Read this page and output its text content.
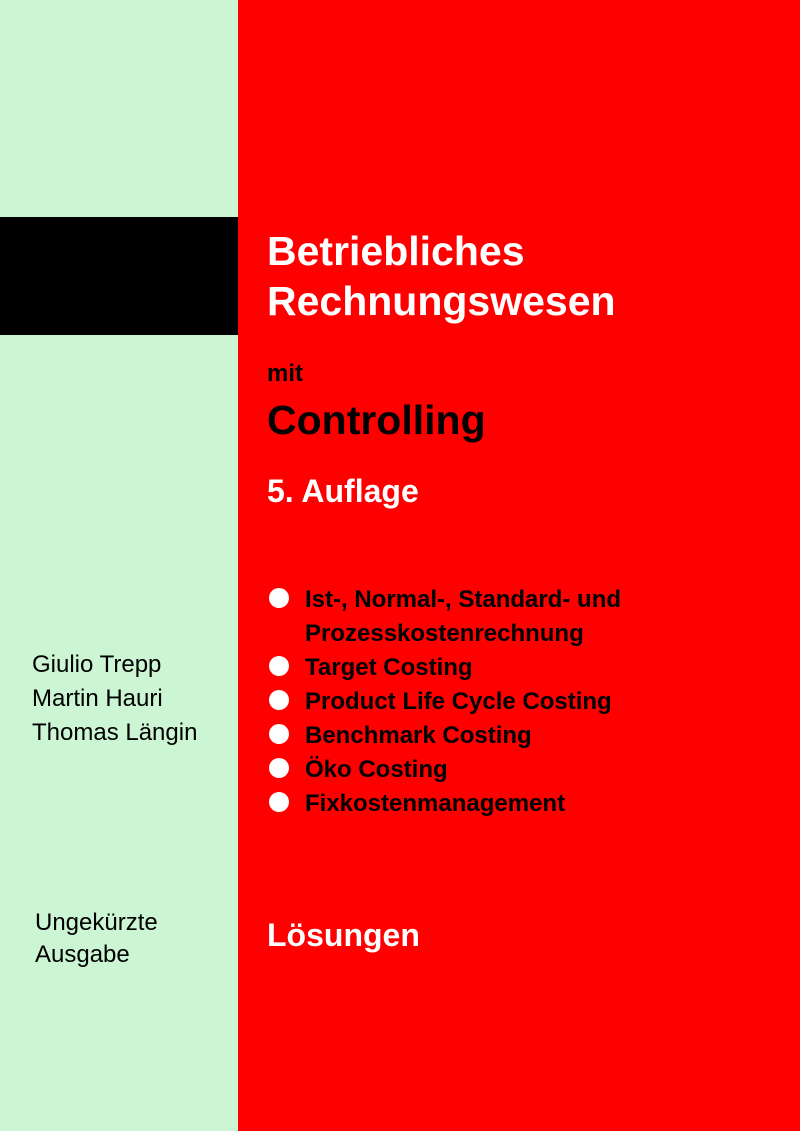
Betriebliches
Rechnungswesen
mit
Controlling
5. Auflage
Ist-, Normal-, Standard- und
Prozesskostenrechnung
Target Costing
Product Life Cycle Costing
Benchmark Costing
Öko Costing
Fixkostenmanagement
Giulio Trepp
Martin Hauri
Thomas Längin
Ungekürzte
Ausgabe
Lösungen
